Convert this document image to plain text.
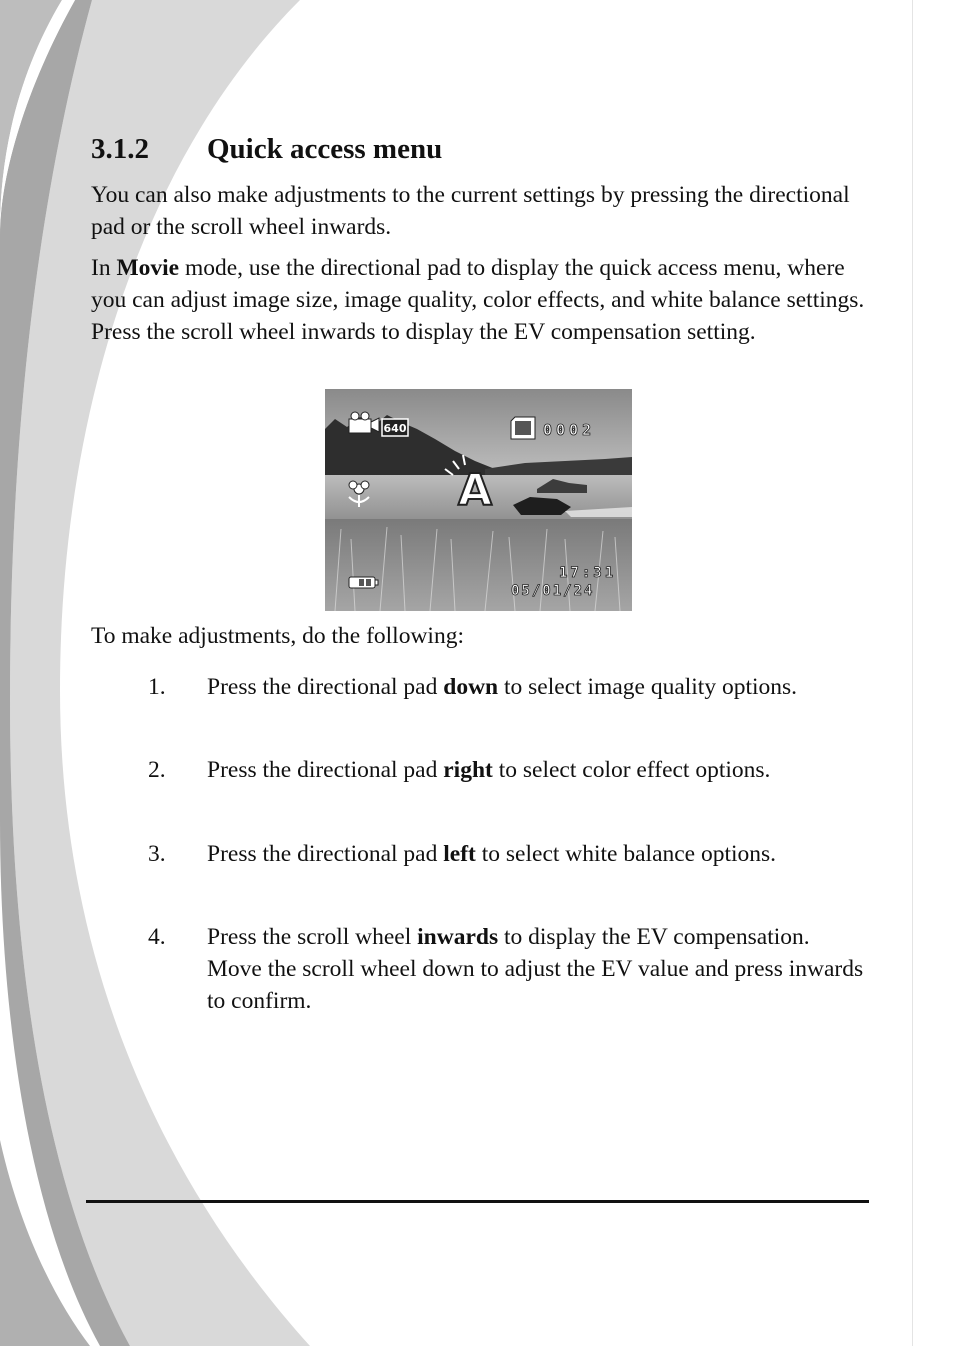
3.1.2 Quick access menu

You can also make adjustments to the current settings by pressing the directional pad or the scroll wheel inwards.

In Movie mode, use the directional pad to display the quick access menu, where you can adjust image size, image quality, color effects, and white balance settings. Press the scroll wheel inwards to display the EV compensation setting.

640	0002
A
17:31
05/01/24

To make adjustments, do the following:

1. Press the directional pad down to select image quality options.
2. Press the directional pad right to select color effect options.
3. Press the directional pad left to select white balance options.
4. Press the scroll wheel inwards to display the EV compensation. Move the scroll wheel down to adjust the EV value and press inwards to confirm.
